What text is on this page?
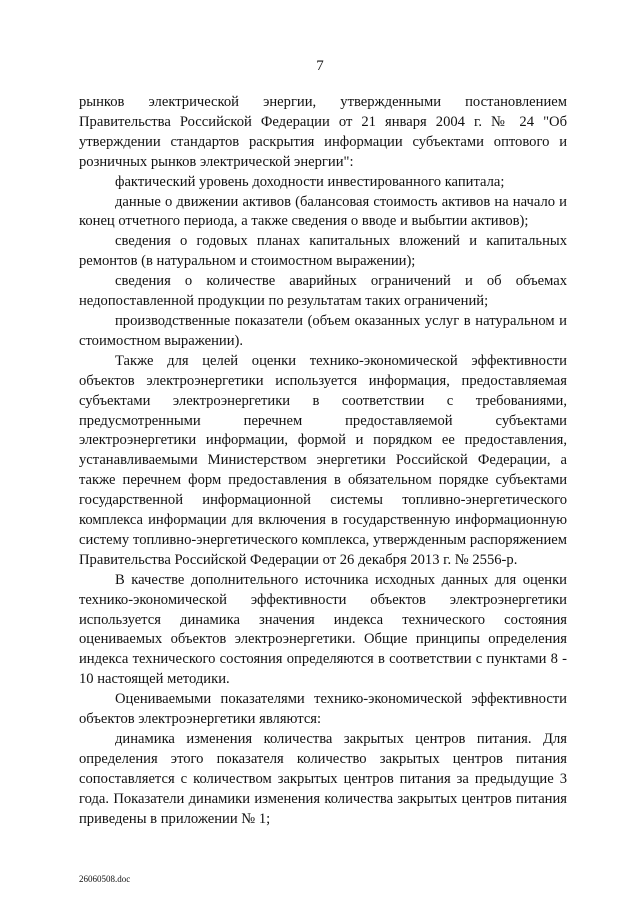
7

рынков электрической энергии, утвержденными постановлением Правительства Российской Федерации от 21 января 2004 г. № 24 "Об утверждении стандартов раскрытия информации субъектами оптового и розничных рынков электрической энергии":

фактический уровень доходности инвестированного капитала;

данные о движении активов (балансовая стоимость активов на начало и конец отчетного периода, а также сведения о вводе и выбытии активов);

сведения о годовых планах капитальных вложений и капитальных ремонтов (в натуральном и стоимостном выражении);

сведения о количестве аварийных ограничений и об объемах недопоставленной продукции по результатам таких ограничений;

производственные показатели (объем оказанных услуг в натуральном и стоимостном выражении).

Также для целей оценки технико-экономической эффективности объектов электроэнергетики используется информация, предоставляемая субъектами электроэнергетики в соответствии с требованиями, предусмотренными перечнем предоставляемой субъектами электроэнергетики информации, формой и порядком ее предоставления, устанавливаемыми Министерством энергетики Российской Федерации, а также перечнем форм предоставления в обязательном порядке субъектами государственной информационной системы топливно-энергетического комплекса информации для включения в государственную информационную систему топливно-энергетического комплекса, утвержденным распоряжением Правительства Российской Федерации от 26 декабря 2013 г. № 2556-р.

В качестве дополнительного источника исходных данных для оценки технико-экономической эффективности объектов электроэнергетики используется динамика значения индекса технического состояния оцениваемых объектов электроэнергетики. Общие принципы определения индекса технического состояния определяются в соответствии с пунктами 8 - 10 настоящей методики.

Оцениваемыми показателями технико-экономической эффективности объектов электроэнергетики являются:

динамика изменения количества закрытых центров питания. Для определения этого показателя количество закрытых центров питания сопоставляется с количеством закрытых центров питания за предыдущие 3 года. Показатели динамики изменения количества закрытых центров питания приведены в приложении № 1;

26060508.doc
